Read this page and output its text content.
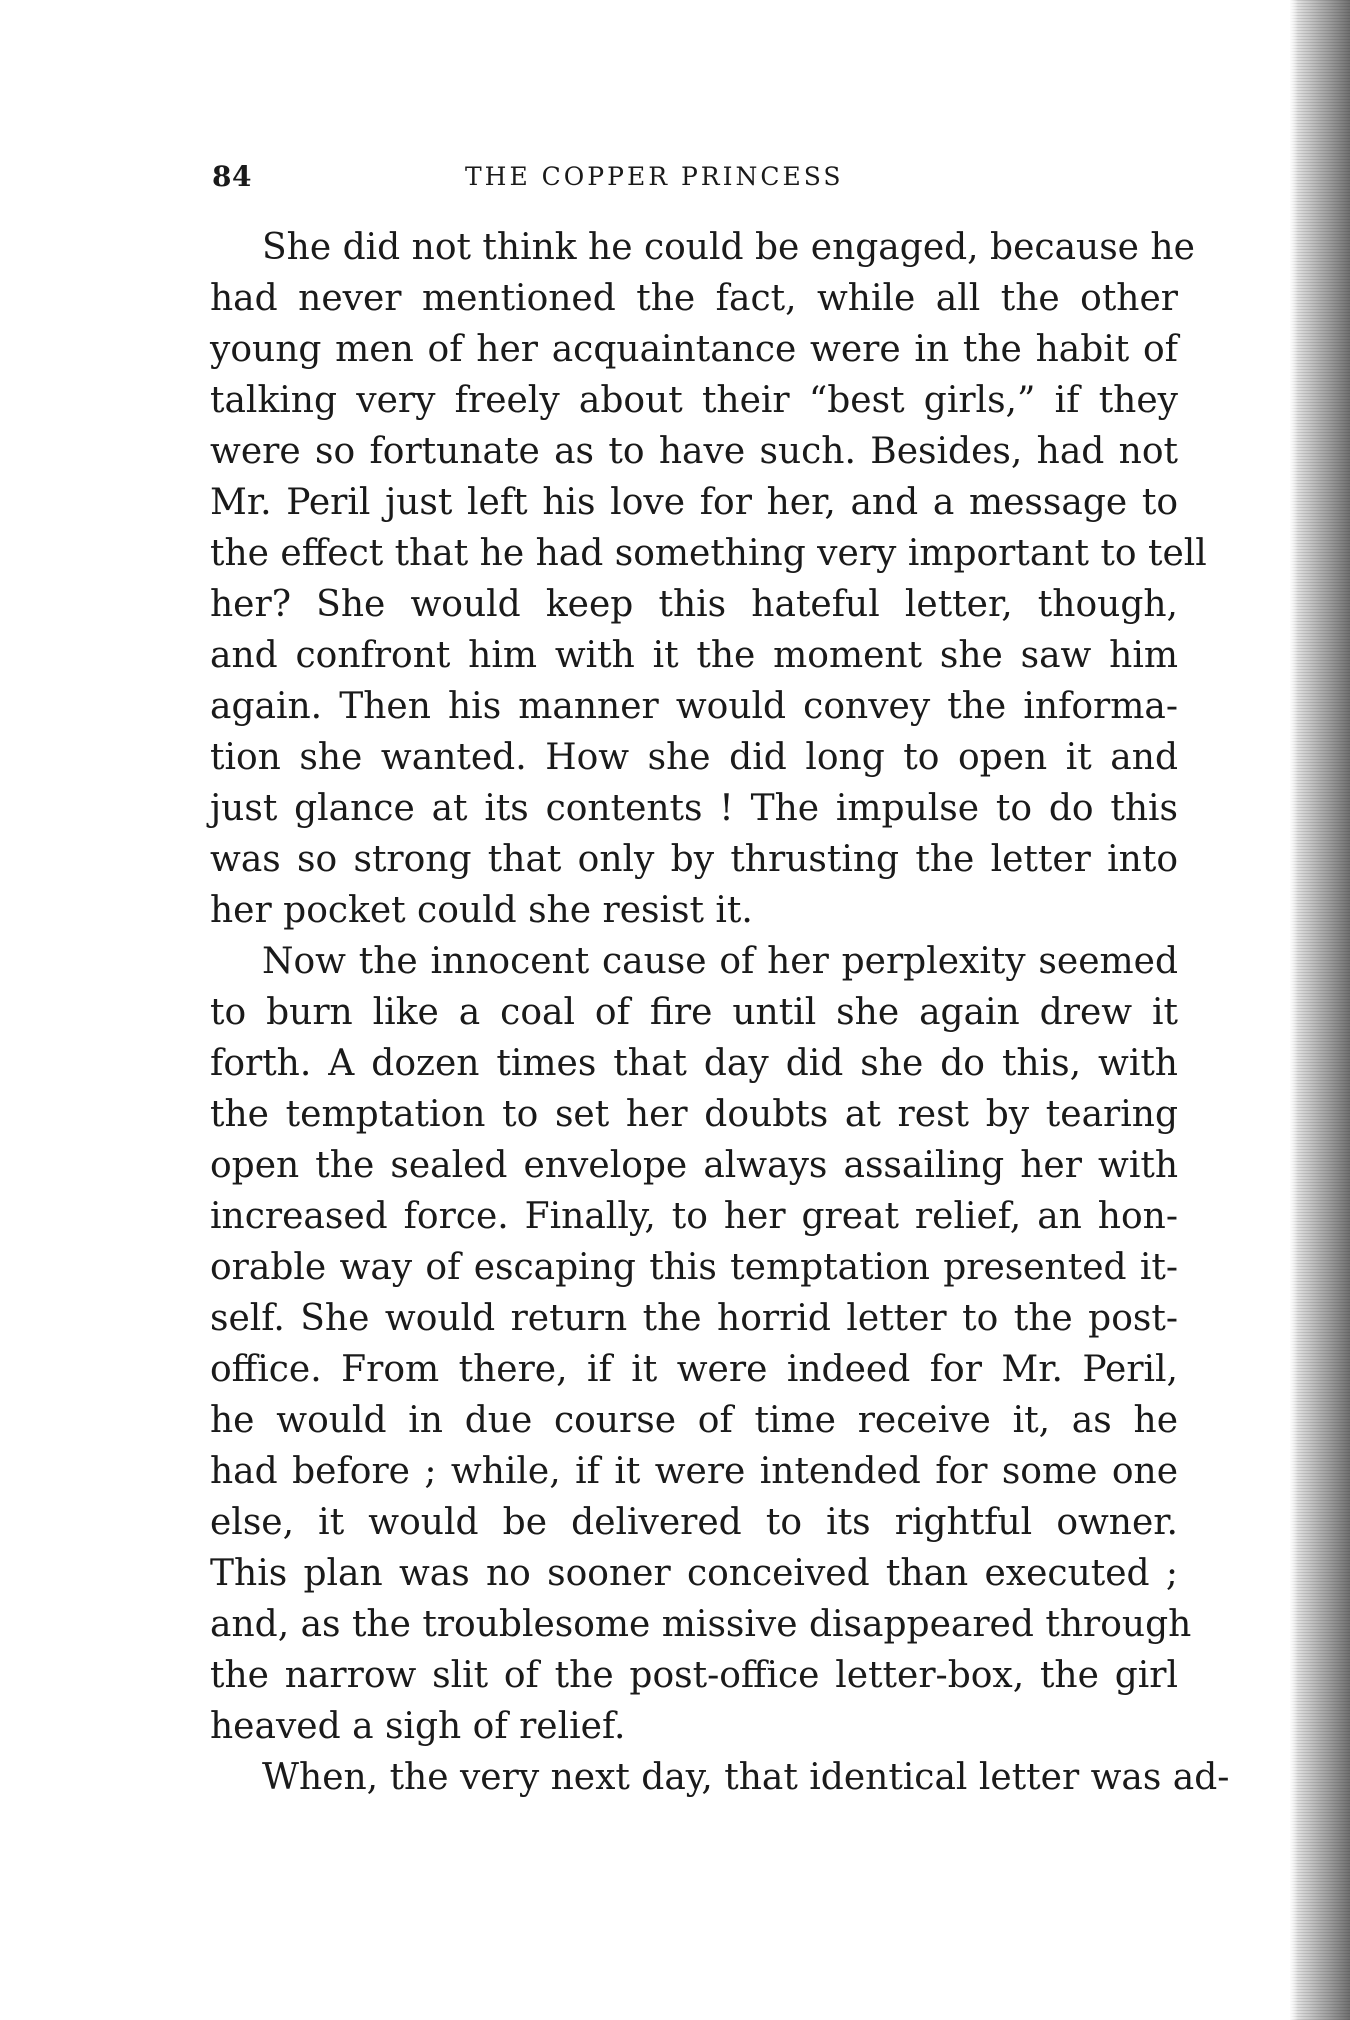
84	THE COPPER PRINCESS
She did not think he could be engaged, because he
had never mentioned the fact, while all the other
young men of her acquaintance were in the habit of
talking very freely about their “best girls,” if they
were so fortunate as to have such. Besides, had not
Mr. Peril just left his love for her, and a message to
the effect that he had something very important to tell
her? She would keep this hateful letter, though,
and confront him with it the moment she saw him
again. Then his manner would convey the informa-
tion she wanted. How she did long to open it and
just glance at its contents ! The impulse to do this
was so strong that only by thrusting the letter into
her pocket could she resist it.
Now the innocent cause of her perplexity seemed
to burn like a coal of fire until she again drew it
forth. A dozen times that day did she do this, with
the temptation to set her doubts at rest by tearing
open the sealed envelope always assailing her with
increased force. Finally, to her great relief, an hon-
orable way of escaping this temptation presented it-
self. She would return the horrid letter to the post-
office. From there, if it were indeed for Mr. Peril,
he would in due course of time receive it, as he
had before ; while, if it were intended for some one
else, it would be delivered to its rightful owner.
This plan was no sooner conceived than executed ;
and, as the troublesome missive disappeared through
the narrow slit of the post-office letter-box, the girl
heaved a sigh of relief.
When, the very next day, that identical letter was ad-
